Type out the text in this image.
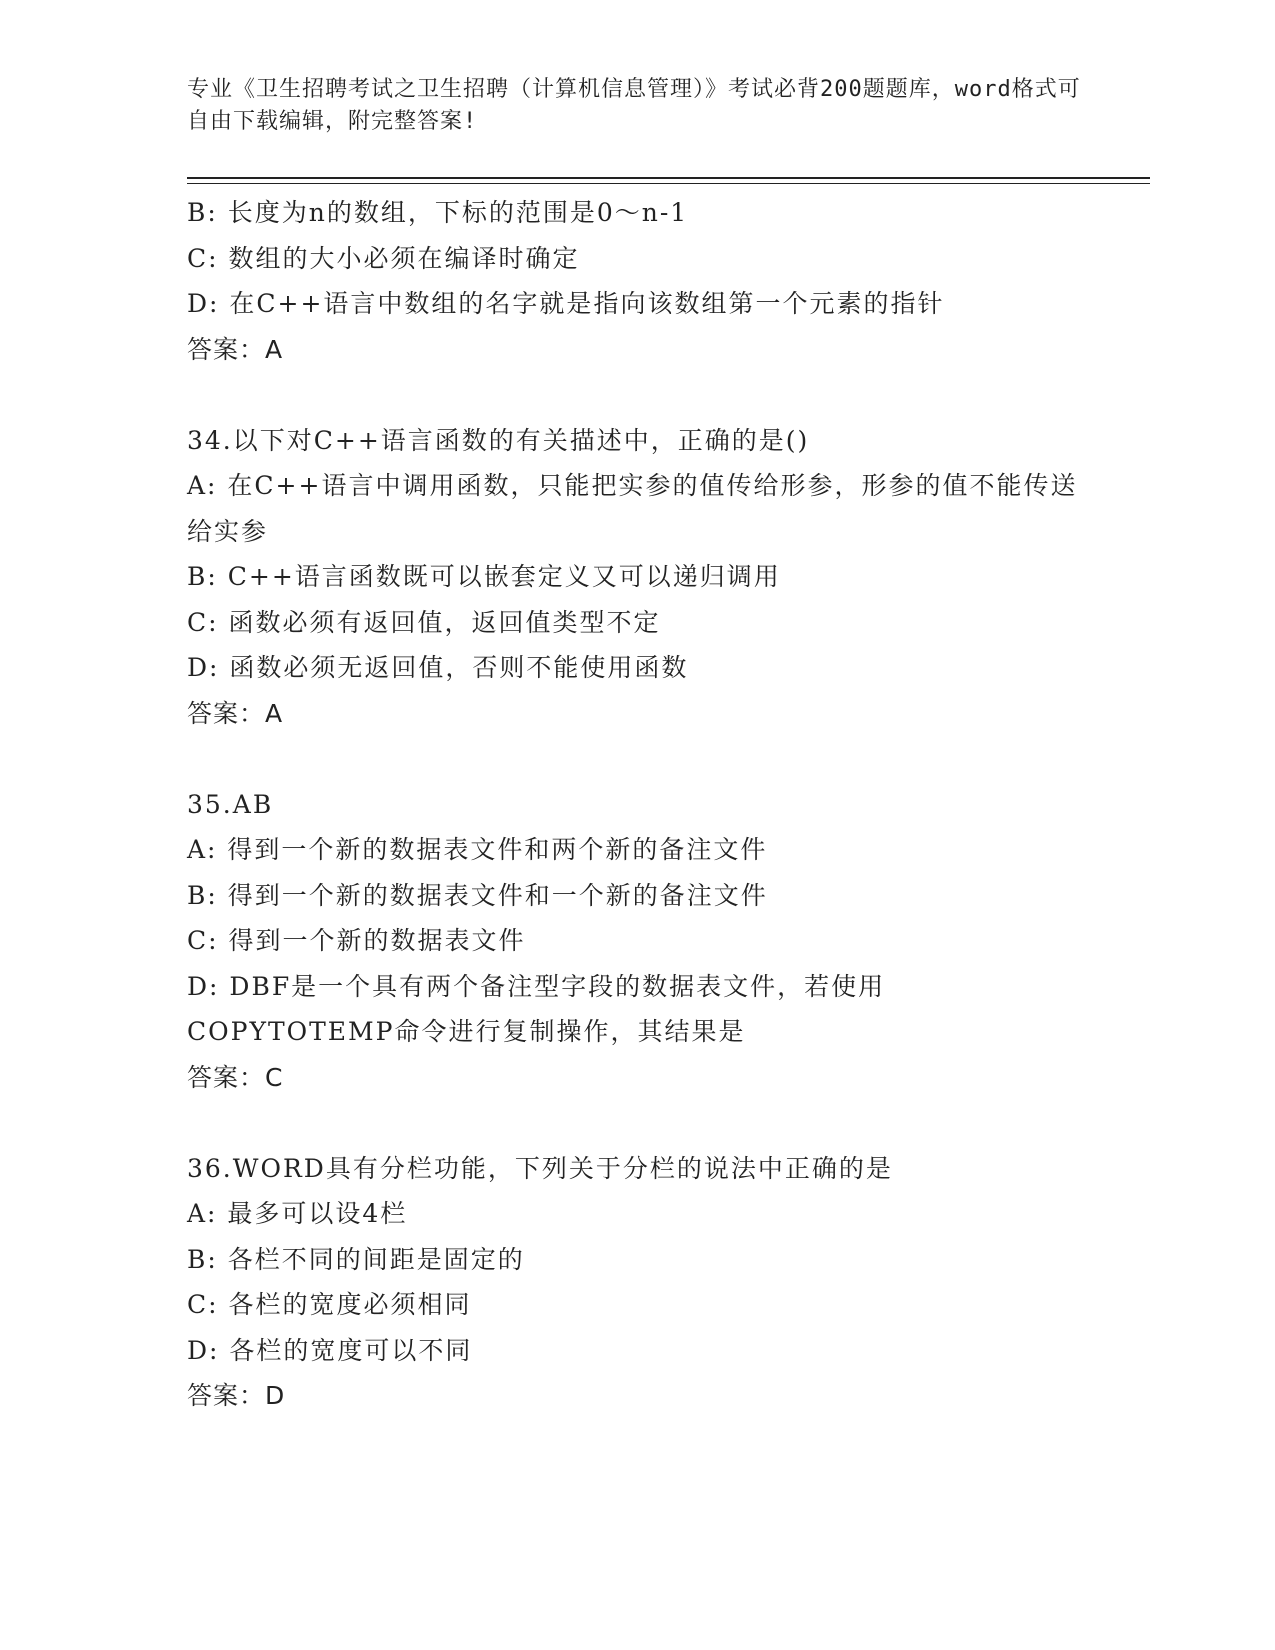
专业《卫生招聘考试之卫生招聘（计算机信息管理）》考试必背200题题库，word格式可自由下载编辑，附完整答案!
B: 长度为n的数组，下标的范围是0～n-1
C: 数组的大小必须在编译时确定
D: 在C++语言中数组的名字就是指向该数组第一个元素的指针
答案：A
34.以下对C++语言函数的有关描述中，正确的是()
A: 在C++语言中调用函数，只能把实参的值传给形参，形参的值不能传送给实参
B: C++语言函数既可以嵌套定义又可以递归调用
C: 函数必须有返回值，返回值类型不定
D: 函数必须无返回值，否则不能使用函数
答案：A
35.AB
A: 得到一个新的数据表文件和两个新的备注文件
B: 得到一个新的数据表文件和一个新的备注文件
C: 得到一个新的数据表文件
D: DBF是一个具有两个备注型字段的数据表文件，若使用COPYTOTEMP命令进行复制操作，其结果是
答案：C
36.WORD具有分栏功能，下列关于分栏的说法中正确的是
A: 最多可以设4栏
B: 各栏不同的间距是固定的
C: 各栏的宽度必须相同
D: 各栏的宽度可以不同
答案：D
